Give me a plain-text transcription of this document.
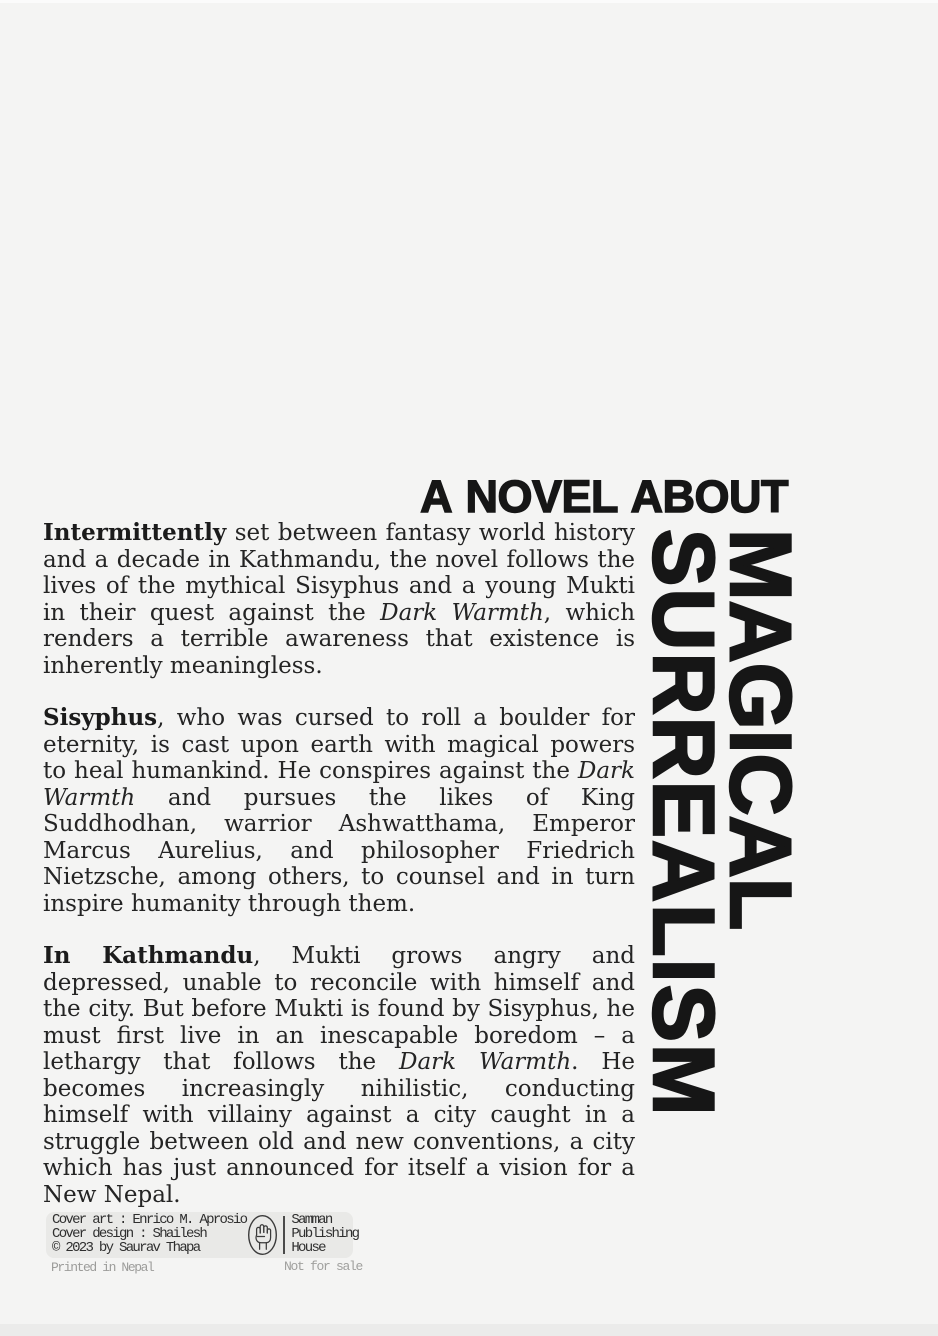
A NOVEL ABOUT
MAGICAL
SURREALISM

Intermittently set between fantasy world history and a decade in Kathmandu, the novel follows the lives of the mythical Sisyphus and a young Mukti in their quest against the Dark Warmth, which renders a terrible awareness that existence is inherently meaningless.

Sisyphus, who was cursed to roll a boulder for eternity, is cast upon earth with magical powers to heal humankind. He conspires against the Dark Warmth and pursues the likes of King Suddhodhan, warrior Ashwatthama, Emperor Marcus Aurelius, and philosopher Friedrich Nietzsche, among others, to counsel and in turn inspire humanity through them.

In Kathmandu, Mukti grows angry and depressed, unable to reconcile with himself and the city. But before Mukti is found by Sisyphus, he must first live in an inescapable boredom – a lethargy that follows the Dark Warmth. He becomes increasingly nihilistic, conducting himself with villainy against a city caught in a struggle between old and new conventions, a city which has just announced for itself a vision for a New Nepal.

Cover art : Enrico M. Aprosio
Cover design : Shailesh
© 2023 by Saurav Thapa
Samman
Publishing
House
Printed in Nepal	Not for sale
